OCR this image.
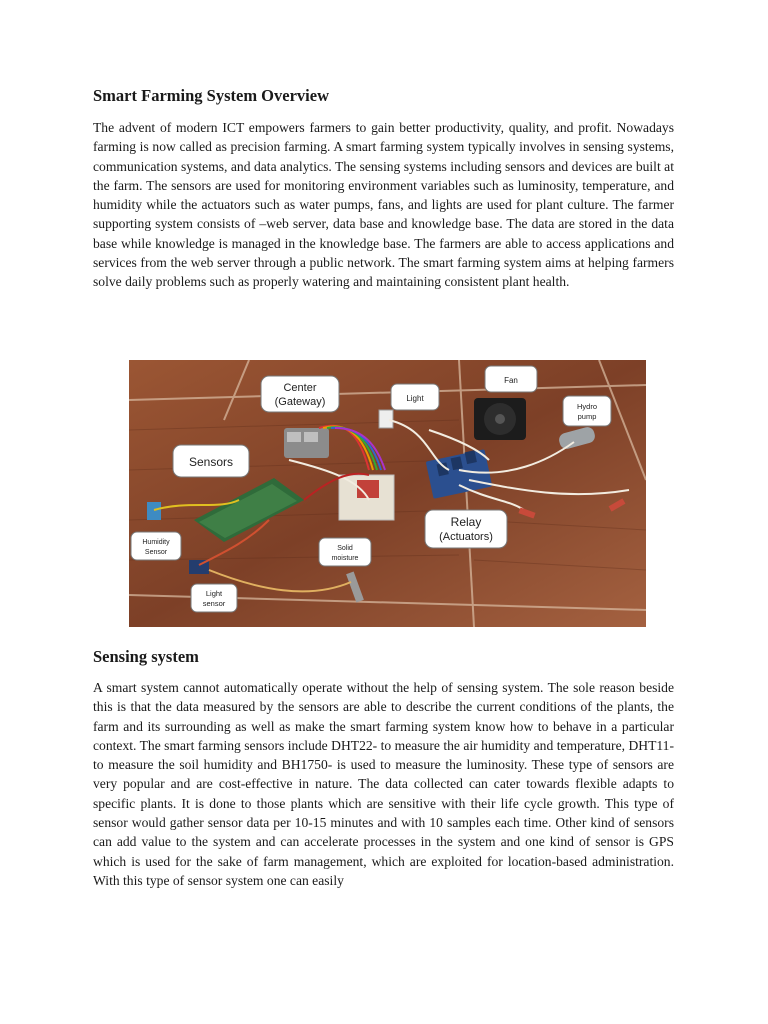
Smart Farming System Overview

The advent of modern ICT empowers farmers to gain better productivity, quality, and profit. Nowadays farming is now called as precision farming. A smart farming system typically involves in sensing systems, communication systems, and data analytics. The sensing systems including sensors and devices are built at the farm. The sensors are used for monitoring environment variables such as luminosity, temperature, and humidity while the actuators such as water pumps, fans, and lights are used for plant culture. The farmer supporting system consists of –web server, data base and knowledge base. The data are stored in the data base while knowledge is managed in the knowledge base. The farmers are able to access applications and services from the web server through a public network. The smart farming system aims at helping farmers solve daily problems such as properly watering and maintaining consistent plant health.

Center
(Gateway)	Light
Fan
Hydro
pump
Sensors
Humidity
Sensor
Solid
moisture
Relay
(Actuators)
Light
sensor
Sensing system

A smart system cannot automatically operate without the help of sensing system. The sole reason beside this is that the data measured by the sensors are able to describe the current conditions of the plants, the farm and its surrounding as well as make the smart farming system know how to behave in a particular context. The smart farming sensors include DHT22- to measure the air humidity and temperature, DHT11- to measure the soil humidity and BH1750- is used to measure the luminosity. These type of sensors are very popular and are cost-effective in nature. The data collected can cater towards flexible adapts to specific plants. It is done to those plants which are sensitive with their life cycle growth. This type of sensor would gather sensor data per 10-15 minutes and with 10 samples each time. Other kind of sensors can add value to the system and can accelerate processes in the system and one kind of sensor is GPS which is used for the sake of farm management, which are exploited for location-based administration. With this type of sensor system one can easily
